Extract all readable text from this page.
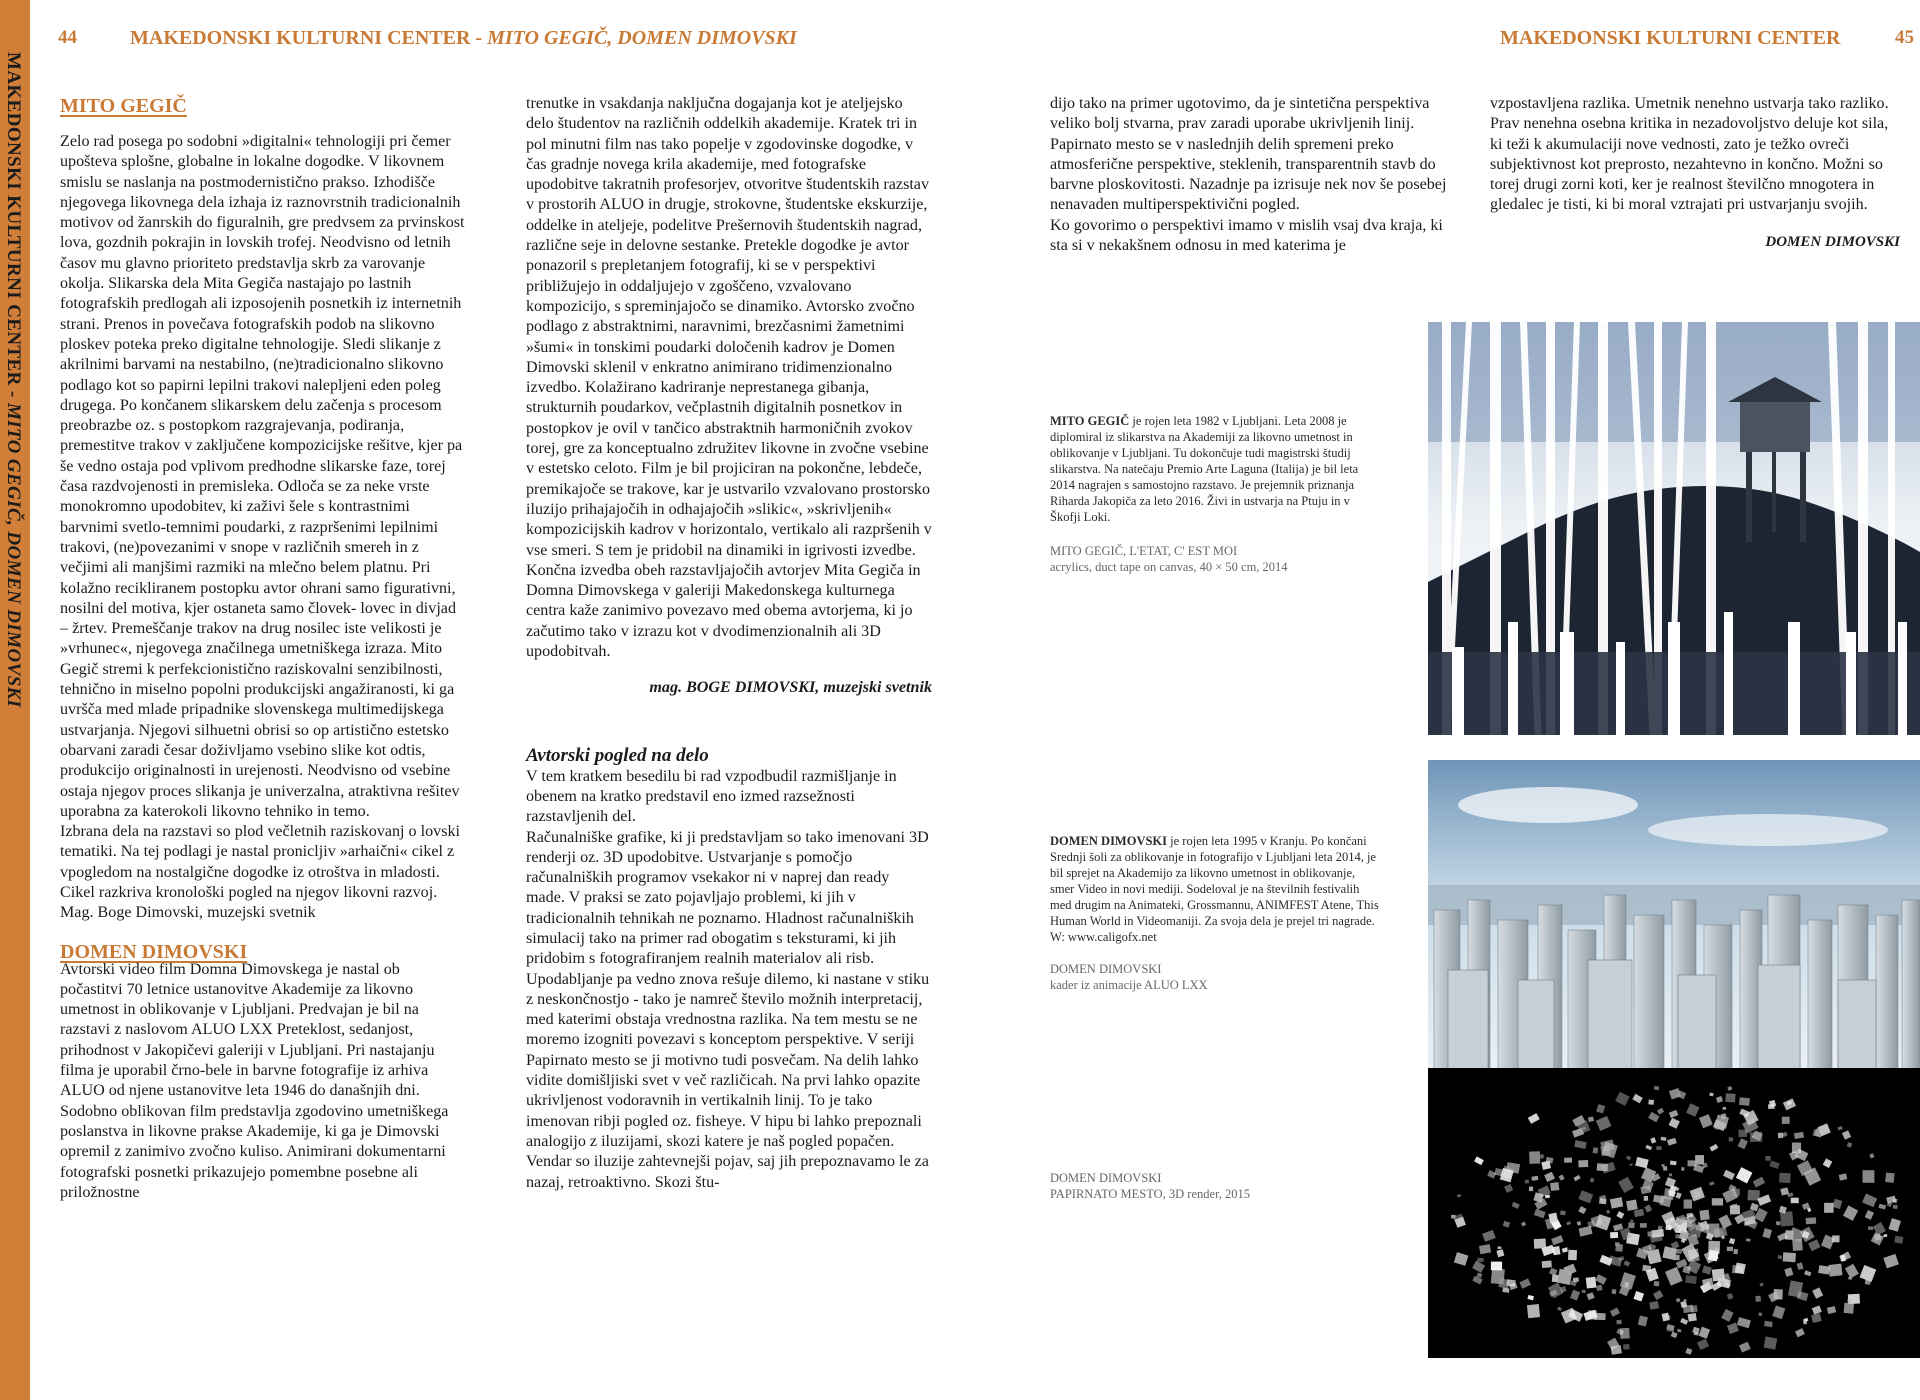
MAKEDONSKI KULTURNI CENTER - MITO GEGIČ, DOMEN DIMOVSKI
44	MAKEDONSKI KULTURNI CENTER - MITO GEGIČ, DOMEN DIMOVSKI	MAKEDONSKI KULTURNI CENTER	45

MITO GEGIČ

Zelo rad posega po sodobni »digitalni« tehnologiji pri čemer upošteva splošne, globalne in lokalne dogodke. V likovnem smislu se naslanja na postmodernistično prakso. Izhodišče njegovega likovnega dela izhaja iz raznovrstnih tradicionalnih motivov od žanrskih do figuralnih, gre predvsem za prvinskost lova, gozdnih pokrajin in lovskih trofej. Neodvisno od letnih časov mu glavno prioriteto predstavlja skrb za varovanje okolja. Slikarska dela Mita Gegiča nastajajo po lastnih fotografskih predlogah ali izposojenih posnetkih iz internetnih strani. Prenos in povečava fotografskih podob na slikovno ploskev poteka preko digitalne tehnologije. Sledi slikanje z akrilnimi barvami na nestabilno, (ne)tradicionalno slikovno podlago kot so papirni lepilni trakovi nalepljeni eden poleg drugega. Po končanem slikarskem delu začenja s procesom preobrazbe oz. s postopkom razgrajevanja, podiranja, premestitve trakov v zaključene kompozicijske rešitve, kjer pa še vedno ostaja pod vplivom predhodne slikarske faze, torej časa razdvojenosti in premisleka. Odloča se za neke vrste monokromno upodobitev, ki zaživi šele s kontrastnimi barvnimi svetlo-temnimi poudarki, z razpršenimi lepilnimi trakovi, (ne)povezanimi v snope v različnih smereh in z večjimi ali manjšimi razmiki na mlečno belem platnu. Pri kolažno recikliranem postopku avtor ohrani samo figurativni, nosilni del motiva, kjer ostaneta samo človek- lovec in divjad – žrtev. Premeščanje trakov na drug nosilec iste velikosti je »vrhunec«, njegovega značilnega umetniškega izraza. Mito Gegič stremi k perfekcionistično raziskovalni senzibilnosti, tehnično in miselno popolni produkcijski angažiranosti, ki ga uvršča med mlade pripadnike slovenskega multimedijskega ustvarjanja. Njegovi silhuetni obrisi so op artistično estetsko obarvani zaradi česar doživljamo vsebino slike kot odtis, produkcijo originalnosti in urejenosti. Neodvisno od vsebine ostaja njegov proces slikanja je univerzalna, atraktivna rešitev uporabna za katerokoli likovno tehniko in temo.

Izbrana dela na razstavi so plod večletnih raziskovanj o lovski tematiki. Na tej podlagi je nastal pronicljiv »arhaični« cikel z vpogledom na nostalgične dogodke iz otroštva in mladosti. Cikel razkriva kronološki pogled na njegov likovni razvoj.

Mag. Boge Dimovski, muzejski svetnik

DOMEN DIMOVSKI

Avtorski video film Domna Dimovskega je nastal ob počastitvi 70 letnice ustanovitve Akademije za likovno umetnost in oblikovanje v Ljubljani. Predvajan je bil na razstavi z naslovom ALUO LXX Preteklost, sedanjost, prihodnost v Jakopičevi galeriji v Ljubljani. Pri nastajanju filma je uporabil črno-bele in barvne fotografije iz arhiva ALUO od njene ustanovitve leta 1946 do današnjih dni. Sodobno oblikovan film predstavlja zgodovino umetniškega poslanstva in likovne prakse Akademije, ki ga je Dimovski opremil z zanimivo zvočno kuliso. Animirani dokumentarni fotografski posnetki prikazujejo pomembne posebne ali priložnostne

trenutke in vsakdanja naključna dogajanja kot je ateljejsko delo študentov na različnih oddelkih akademije. Kratek tri in pol minutni film nas tako popelje v zgodovinske dogodke, v čas gradnje novega krila akademije, med fotografske upodobitve takratnih profesorjev, otvoritve študentskih razstav v prostorih ALUO in drugje, strokovne, študentske ekskurzije, oddelke in ateljeje, podelitve Prešernovih študentskih nagrad, različne seje in delovne sestanke. Pretekle dogodke je avtor ponazoril s prepletanjem fotografij, ki se v perspektivi približujejo in oddaljujejo v zgoščeno, vzvalovano kompozicijo, s spreminjajočo se dinamiko. Avtorsko zvočno podlago z abstraktnimi, naravnimi, brezčasnimi žametnimi »šumi« in tonskimi poudarki določenih kadrov je Domen Dimovski sklenil v enkratno animirano tridimenzionalno izvedbo. Kolažirano kadriranje neprestanega gibanja, strukturnih poudarkov, večplastnih digitalnih posnetkov in postopkov je ovil v tančico abstraktnih harmoničnih zvokov torej, gre za konceptualno združitev likovne in zvočne vsebine v estetsko celoto. Film je bil projiciran na pokončne, lebdeče, premikajoče se trakove, kar je ustvarilo vzvalovano prostorsko iluzijo prihajajočih in odhajajočih »slikic«, »skrivljenih« kompozicijskih kadrov v horizontalo, vertikalo ali razpršenih v vse smeri. S tem je pridobil na dinamiki in igrivosti izvedbe.

Končna izvedba obeh razstavljajočih avtorjev Mita Gegiča in Domna Dimovskega v galeriji Makedonskega kulturnega centra kaže zanimivo povezavo med obema avtorjema, ki jo začutimo tako v izrazu kot v dvodimenzionalnih ali 3D upodobitvah.

mag. BOGE DIMOVSKI, muzejski svetnik

Avtorski pogled na delo

V tem kratkem besedilu bi rad vzpodbudil razmišljanje in obenem na kratko predstavil eno izmed razsežnosti razstavljenih del.

Računalniške grafike, ki ji predstavljam so tako imenovani 3D renderji oz. 3D upodobitve. Ustvarjanje s pomočjo računalniških programov vsekakor ni v naprej dan ready made. V praksi se zato pojavljajo problemi, ki jih v tradicionalnih tehnikah ne poznamo. Hladnost računalniških simulacij tako na primer rad obogatim s teksturami, ki jih pridobim s fotografiranjem realnih materialov ali risb.

Upodabljanje pa vedno znova rešuje dilemo, ki nastane v stiku z neskončnostjo - tako je namreč število možnih interpretacij, med katerimi obstaja vrednostna razlika. Na tem mestu se ne moremo izogniti povezavi s konceptom perspektive. V seriji Papirnato mesto se ji motivno tudi posvečam. Na delih lahko vidite domišljiski svet v več različicah. Na prvi lahko opazite ukrivljenost vodoravnih in vertikalnih linij. To je tako imenovan ribji pogled oz. fisheye. V hipu bi lahko prepoznali analogijo z iluzijami, skozi katere je naš pogled popačen. Vendar so iluzije zahtevnejši pojav, saj jih prepoznavamo le za nazaj, retroaktivno. Skozi štu-

dijo tako na primer ugotovimo, da je sintetična perspektiva veliko bolj stvarna, prav zaradi uporabe ukrivljenih linij. Papirnato mesto se v naslednjih delih spremeni preko atmosferične perspektive, steklenih, transparentnih stavb do barvne ploskovitosti. Nazadnje pa izrisuje nek nov še posebej nenavaden multiperspektivični pogled.

Ko govorimo o perspektivi imamo v mislih vsaj dva kraja, ki sta si v nekakšnem odnosu in med katerima je

vzpostavljena razlika. Umetnik nenehno ustvarja tako razliko. Prav nenehna osebna kritika in nezadovoljstvo deluje kot sila, ki teži k akumulaciji nove vednosti, zato je težko ovreči subjektivnost kot preprosto, nezahtevno in končno. Možni so torej drugi zorni koti, ker je realnost številčno mnogotera in gledalec je tisti, ki bi moral vztrajati pri ustvarjanju svojih.

DOMEN DIMOVSKI

MITO GEGIČ je rojen leta 1982 v Ljubljani. Leta 2008 je diplomiral iz slikarstva na Akademiji za likovno umetnost in oblikovanje v Ljubljani. Tu dokončuje tudi magistrski študij slikarstva. Na natečaju Premio Arte Laguna (Italija) je bil leta 2014 nagrajen s samostojno razstavo. Je prejemnik priznanja Riharda Jakopiča za leto 2016. Živi in ustvarja na Ptuju in v Škofji Loki.
MITO GEGIČ, L'ETAT, C' EST MOI
acrylics, duct tape on canvas, 40 × 50 cm, 2014
DOMEN DIMOVSKI je rojen leta 1995 v Kranju. Po končani Srednji šoli za oblikovanje in fotografijo v Ljubljani leta 2014, je bil sprejet na Akademijo za likovno umetnost in oblikovanje, smer Video in novi mediji. Sodeloval je na številnih festivalih med drugim na Animateki, Grossmannu, ANIMFEST Atene, This Human World in Videomaniji. Za svoja dela je prejel tri nagrade. W: www.caligofx.net
DOMEN DIMOVSKI
kader iz animacije ALUO LXX
DOMEN DIMOVSKI
PAPIRNATO MESTO, 3D render, 2015
